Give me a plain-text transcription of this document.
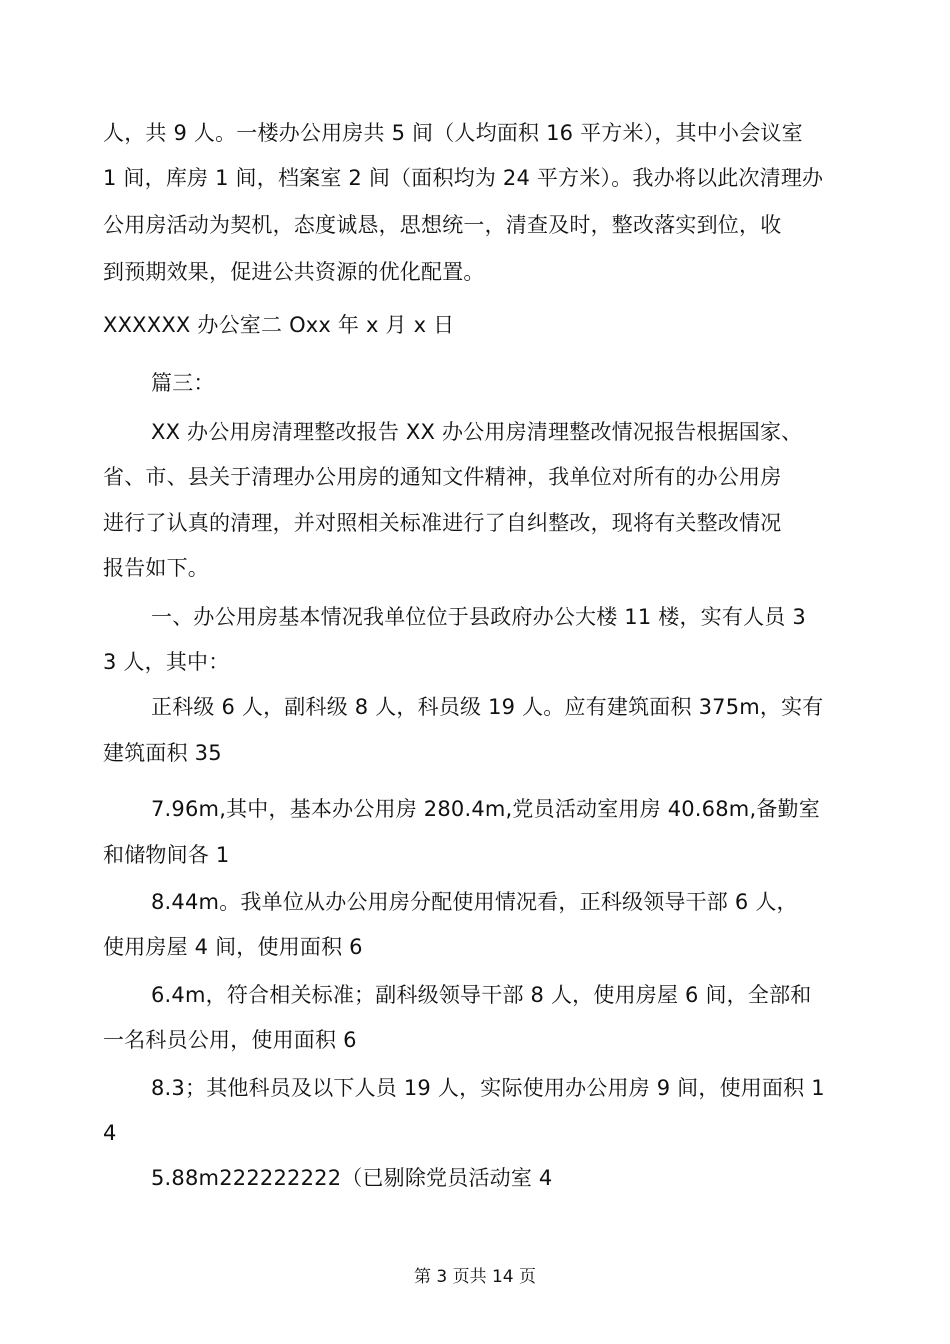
人，共 9 人。一楼办公用房共 5 间（人均面积 16 平方米），其中小会议室
1 间，库房 1 间，档案室 2 间（面积均为 24 平方米）。我办将以此次清理办
公用房活动为契机，态度诚恳，思想统一，清查及时，整改落实到位，收
到预期效果，促进公共资源的优化配置。
XXXXXX 办公室二 Oxx 年 x 月 x 日
篇三：
XX 办公用房清理整改报告 XX 办公用房清理整改情况报告根据国家、
省、市、县关于清理办公用房的通知文件精神，我单位对所有的办公用房
进行了认真的清理，并对照相关标准进行了自纠整改，现将有关整改情况
报告如下。
一、办公用房基本情况我单位位于县政府办公大楼 11 楼，实有人员 3
3 人，其中：
正科级 6 人，副科级 8 人，科员级 19 人。应有建筑面积 375m，实有
建筑面积 35
7.96m,其中，基本办公用房 280.4m,党员活动室用房 40.68m,备勤室
和储物间各 1
8.44m。我单位从办公用房分配使用情况看，正科级领导干部 6 人，
使用房屋 4 间，使用面积 6
6.4m，符合相关标准；副科级领导干部 8 人，使用房屋 6 间，全部和
一名科员公用，使用面积 6
8.3；其他科员及以下人员 19 人，实际使用办公用房 9 间，使用面积 1
4
5.88m222222222（已剔除党员活动室 4
第 3 页共 14 页
